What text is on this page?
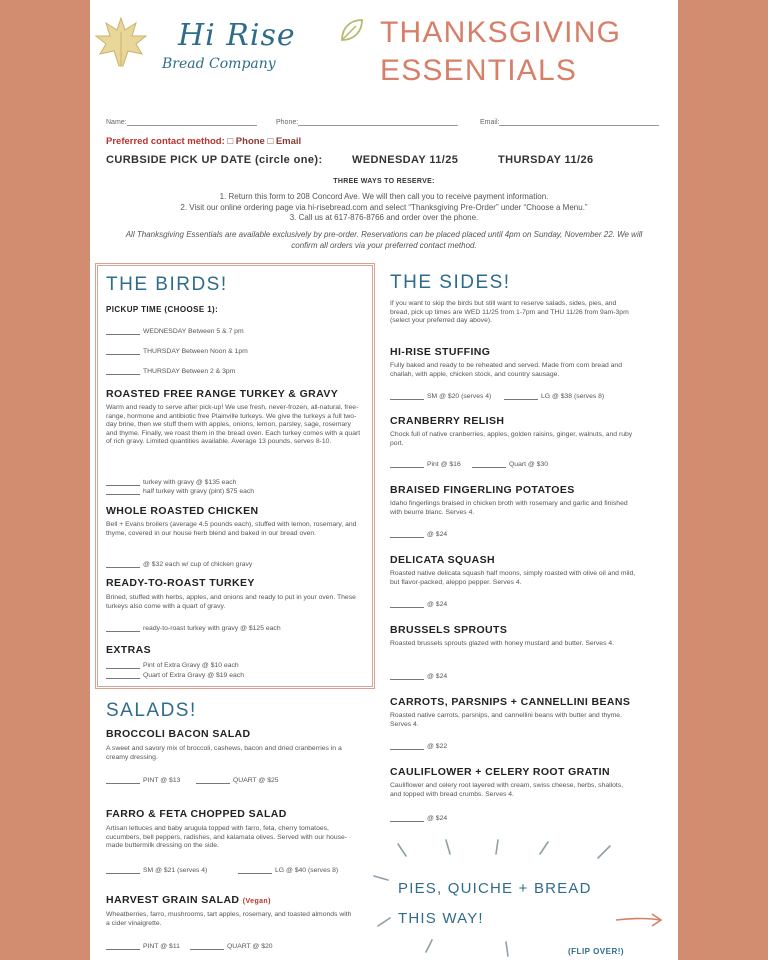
Hi Rise
Bread Company
THANKSGIVING
ESSENTIALS
Name:	Phone:	Email:
Preferred contact method: □ Phone □ Email
CURBSIDE PICK UP DATE (circle one):	WEDNESDAY 11/25	THURSDAY 11/26
THREE WAYS TO RESERVE:
1. Return this form to 208 Concord Ave. We will then call you to receive payment information.
2. Visit our online ordering page via hi-risebread.com and select “Thanksgiving Pre-Order” under “Choose a Menu.”
3. Call us at 617-876-8766 and order over the phone.
All Thanksgiving Essentials are available exclusively by pre-order. Reservations can be placed placed until 4pm on Sunday, November 22. We will confirm all orders via your preferred contact method.
THE BIRDS!
PICKUP TIME (CHOOSE 1):
WEDNESDAY Between 5 & 7 pm
THURSDAY Between Noon & 1pm
THURSDAY Between 2 & 3pm
ROASTED FREE RANGE TURKEY & GRAVY
Warm and ready to serve after pick-up! We use fresh, never-frozen, all-natural, free-range, hormone and antibiotic free Plainville turkeys. We give the turkeys a full two-day brine, then we stuff them with apples, onions, lemon, parsley, sage, rosemary and thyme. Finally, we roast them in the bread oven. Each turkey comes with a quart of rich gravy. Limited quantities available. Average 13 pounds, serves 8-10.
turkey with gravy @ $135 each
half turkey with gravy (pint) $75 each
WHOLE ROASTED CHICKEN
Bell + Evans broilers (average 4.5 pounds each), stuffed with lemon, rosemary, and thyme, covered in our house herb blend and baked in our bread oven.
@ $32 each w/ cup of chicken gravy
READY-TO-ROAST TURKEY
Brined, stuffed with herbs, apples, and onions and ready to put in your oven. These turkeys also come with a quart of gravy.
ready-to-roast turkey with gravy @ $125 each
EXTRAS
Pint of Extra Gravy @ $10 each
Quart of Extra Gravy @ $19 each
SALADS!
BROCCOLI BACON SALAD
A sweet and savory mix of broccoli, cashews, bacon and dried cranberries in a creamy dressing.
PINT @ $13	QUART @ $25
FARRO & FETA CHOPPED SALAD
Artisan lettuces and baby arugula topped with farro, feta, cherry tomatoes, cucumbers, bell peppers, radishes, and kalamata olives. Served with our house-made buttermilk dressing on the side.
SM @ $21 (serves 4)	LG @ $40 (serves 8)
HARVEST GRAIN SALAD (Vegan)
Wheatberries, farro, mushrooms, tart apples, rosemary, and toasted almonds with a cider vinaigrette.
PINT @ $11	QUART @ $20
THE SIDES!
If you want to skip the birds but still want to reserve salads, sides, pies, and bread, pick up times are WED 11/25 from 1-7pm and THU 11/26 from 9am-3pm (select your preferred day above).
HI-RISE STUFFING
Fully baked and ready to be reheated and served. Made from corn bread and challah, with apple, chicken stock, and country sausage.
SM @ $20 (serves 4)	LG @ $38 (serves 8)
CRANBERRY RELISH
Chock full of native cranberries, apples, golden raisins, ginger, walnuts, and ruby port.
Pint @ $16	Quart @ $30
BRAISED FINGERLING POTATOES
Idaho fingerlings braised in chicken broth with rosemary and garlic and finished with beurre blanc. Serves 4.
@ $24
DELICATA SQUASH
Roasted native delicata squash half moons, simply roasted with olive oil and mild, but flavor-packed, aleppo pepper. Serves 4.
@ $24
BRUSSELS SPROUTS
Roasted brussels sprouts glazed with honey mustard and butter. Serves 4.
@ $24
CARROTS, PARSNIPS + CANNELLINI BEANS
Roasted native carrots, parsnips, and cannellini beans with butter and thyme. Serves 4.
@ $22
CAULIFLOWER + CELERY ROOT GRATIN
Cauliflower and celery root layered with cream, swiss cheese, herbs, shallots, and topped with bread crumbs. Serves 4.
@ $24
PIES, QUICHE + BREAD
THIS WAY!
(FLIP OVER!)
